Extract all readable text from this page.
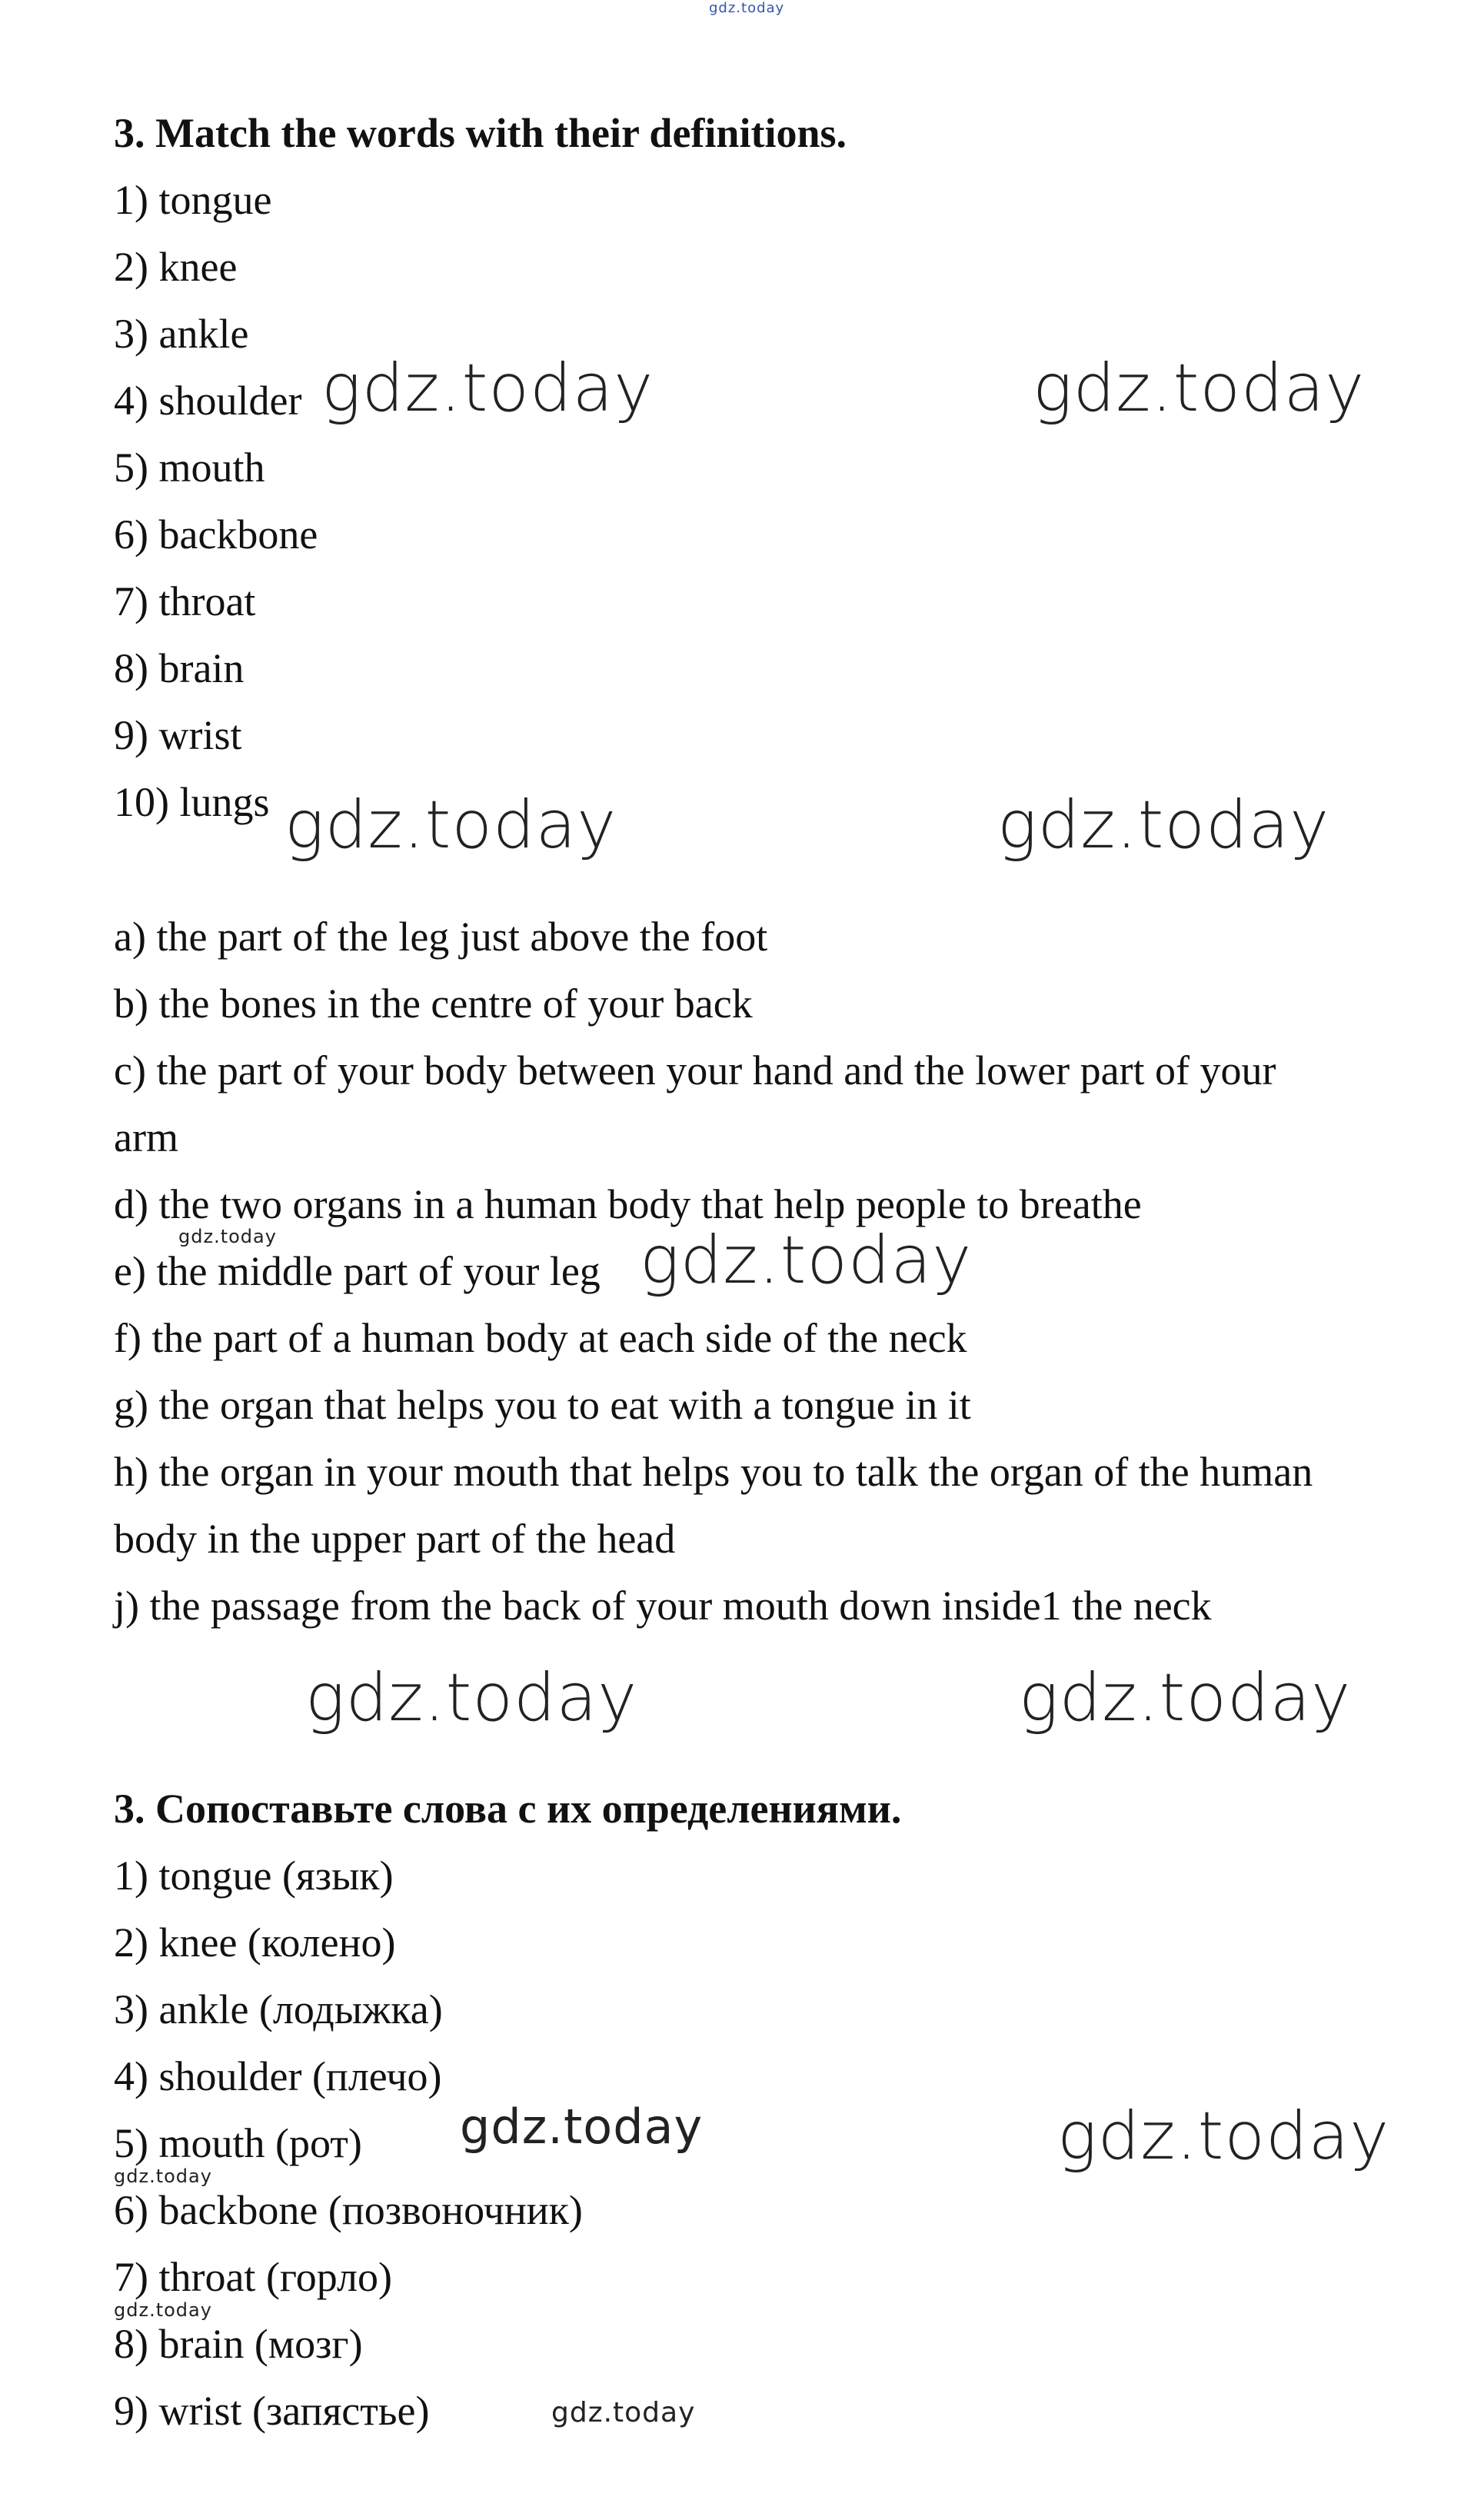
gdz.today
3. Match the words with their definitions.
1) tongue
2) knee
3) ankle
4) shoulder
5) mouth
6) backbone
7) throat
8) brain
9) wrist
10) lungs
a) the part of the leg just above the foot
b) the bones in the centre of your back
c) the part of your body between your hand and the lower part of your
arm
d) the two organs in a human body that help people to breathe
e) the middle part of your leg
f) the part of a human body at each side of the neck
g) the organ that helps you to eat with a tongue in it
h) the organ in your mouth that helps you to talk the organ of the human
body in the upper part of the head
j) the passage from the back of your mouth down inside1 the neck
3. Сопоставьте слова с их определениями.
1) tongue (язык)
2) knee (колено)
3) ankle (лодыжка)
4) shoulder (плечо)
5) mouth (рот)
6) backbone (позвоночник)
7) throat (горло)
8) brain (мозг)
9) wrist (запястье)
gdz.today	gdz.today
gdz.today	gdz.today
gdz.today	gdz.today
gdz.today	gdz.today
gdz.today	gdz.today
gdz.today
gdz.today
gdz.today
